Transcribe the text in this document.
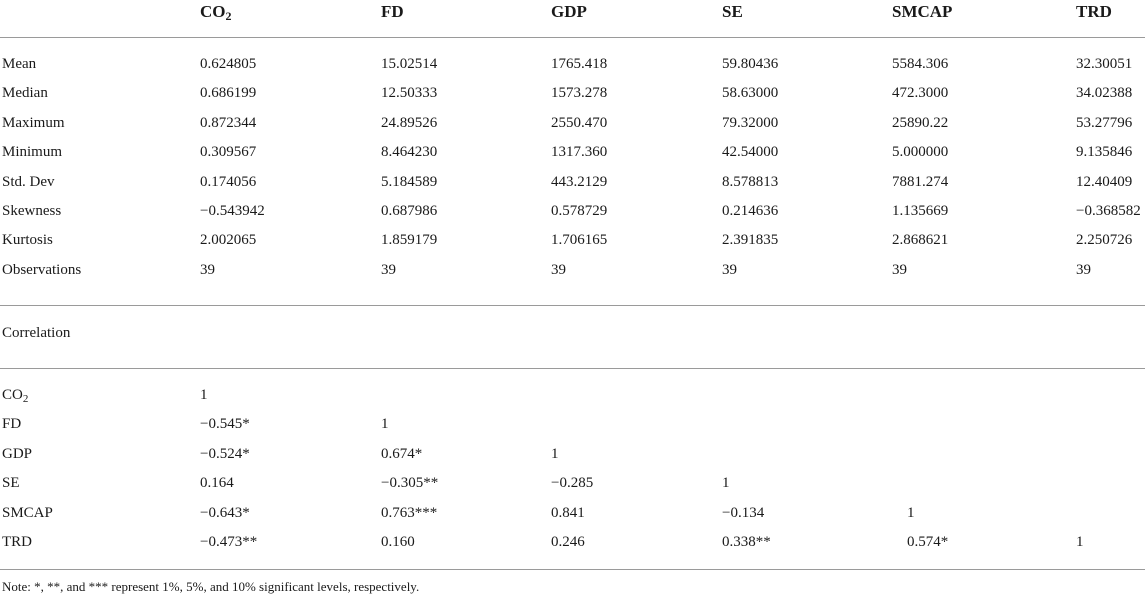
$CO_2$	FD	GDP	SE	SMCAP	TRD
Mean	0.624805	15.02514	1765.418	59.80436	5584.306	32.30051
Median	0.686199	12.50333	1573.278	58.63000	472.3000	34.02388
Maximum	0.872344	24.89526	2550.470	79.32000	25890.22	53.27796
Minimum	0.309567	8.464230	1317.360	42.54000	5.000000	9.135846
Std. Dev	0.174056	5.184589	443.2129	8.578813	7881.274	12.40409
Skewness	−0.543942	0.687986	0.578729	0.214636	1.135669	−0.368582
Kurtosis	2.002065	1.859179	1.706165	2.391835	2.868621	2.250726
Observations	39	39	39	39	39	39
Correlation
$CO_2$	1
FD	−0.545*	1
GDP	−0.524*	0.674*	1
SE	0.164	−0.305**	−0.285	1
SMCAP	−0.643*	0.763***	0.841	−0.134	1
TRD	−0.473**	0.160	0.246	0.338**	0.574*	1
Note: *, **, and *** represent 1%, 5%, and 10% significant levels, respectively.
